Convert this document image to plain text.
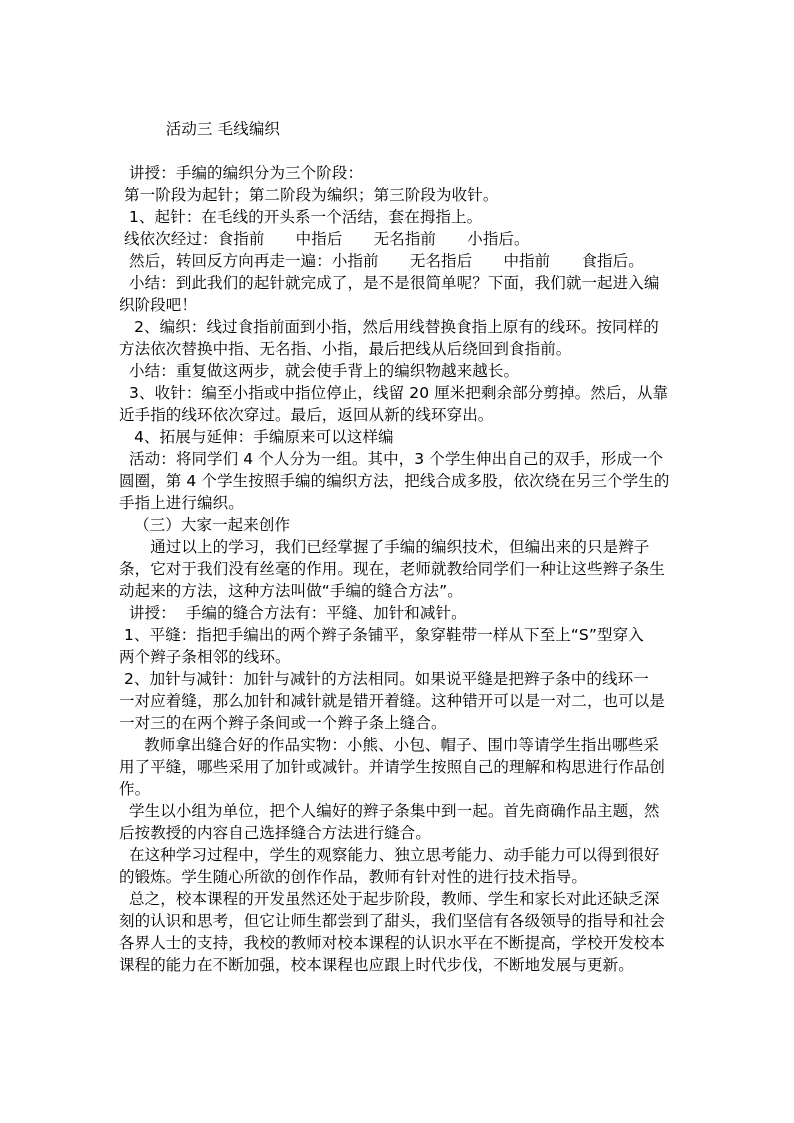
　　　活动三 毛线编织
讲授：手编的编织分为三个阶段：
第一阶段为起针；第二阶段为编织；第三阶段为收针。
1、起针：在毛线的开头系一个活结，套在拇指上。
线依次经过：食指前　　中指后　　无名指前　　小指后。
然后，转回反方向再走一遍：小指前　　无名指后　　中指前　　食指后。
小结：到此我们的起针就完成了，是不是很简单呢？下面，我们就一起进入编
织阶段吧！
2、编织：线过食指前面到小指，然后用线替换食指上原有的线环。按同样的
方法依次替换中指、无名指、小指，最后把线从后绕回到食指前。
小结：重复做这两步，就会使手背上的编织物越来越长。
3、收针：编至小指或中指位停止，线留 20 厘米把剩余部分剪掉。然后，从靠
近手指的线环依次穿过。最后，返回从新的线环穿出。
4、拓展与延伸：手编原来可以这样编
活动：将同学们 4 个人分为一组。其中，3 个学生伸出自己的双手，形成一个
圆圈，第 4 个学生按照手编的编织方法，把线合成多股，依次绕在另三个学生的
手指上进行编织。
（三）大家一起来创作
　　通过以上的学习，我们已经掌握了手编的编织技术，但编出来的只是辫子
条，它对于我们没有丝毫的作用。现在，老师就教给同学们一种让这些辫子条生
动起来的方法，这种方法叫做“手编的缝合方法”。
讲授：  手编的缝合方法有：平缝、加针和减针。
1、平缝：指把手编出的两个辫子条铺平，象穿鞋带一样从下至上“S”型穿入
两个辫子条相邻的线环。
2、加针与减针：加针与减针的方法相同。如果说平缝是把辫子条中的线环一
一对应着缝，那么加针和减针就是错开着缝。这种错开可以是一对二，也可以是
一对三的在两个辫子条间或一个辫子条上缝合。
教师拿出缝合好的作品实物：小熊、小包、帽子、围巾等请学生指出哪些采
用了平缝，哪些采用了加针或减针。并请学生按照自己的理解和构思进行作品创
作。
学生以小组为单位，把个人编好的辫子条集中到一起。首先商确作品主题，然
后按教授的内容自己选择缝合方法进行缝合。
在这种学习过程中，学生的观察能力、独立思考能力、动手能力可以得到很好
的锻炼。学生随心所欲的创作作品，教师有针对性的进行技术指导。
总之，校本课程的开发虽然还处于起步阶段，教师、学生和家长对此还缺乏深
刻的认识和思考，但它让师生都尝到了甜头，我们坚信有各级领导的指导和社会
各界人士的支持，我校的教师对校本课程的认识水平在不断提高，学校开发校本
课程的能力在不断加强，校本课程也应跟上时代步伐，不断地发展与更新。
